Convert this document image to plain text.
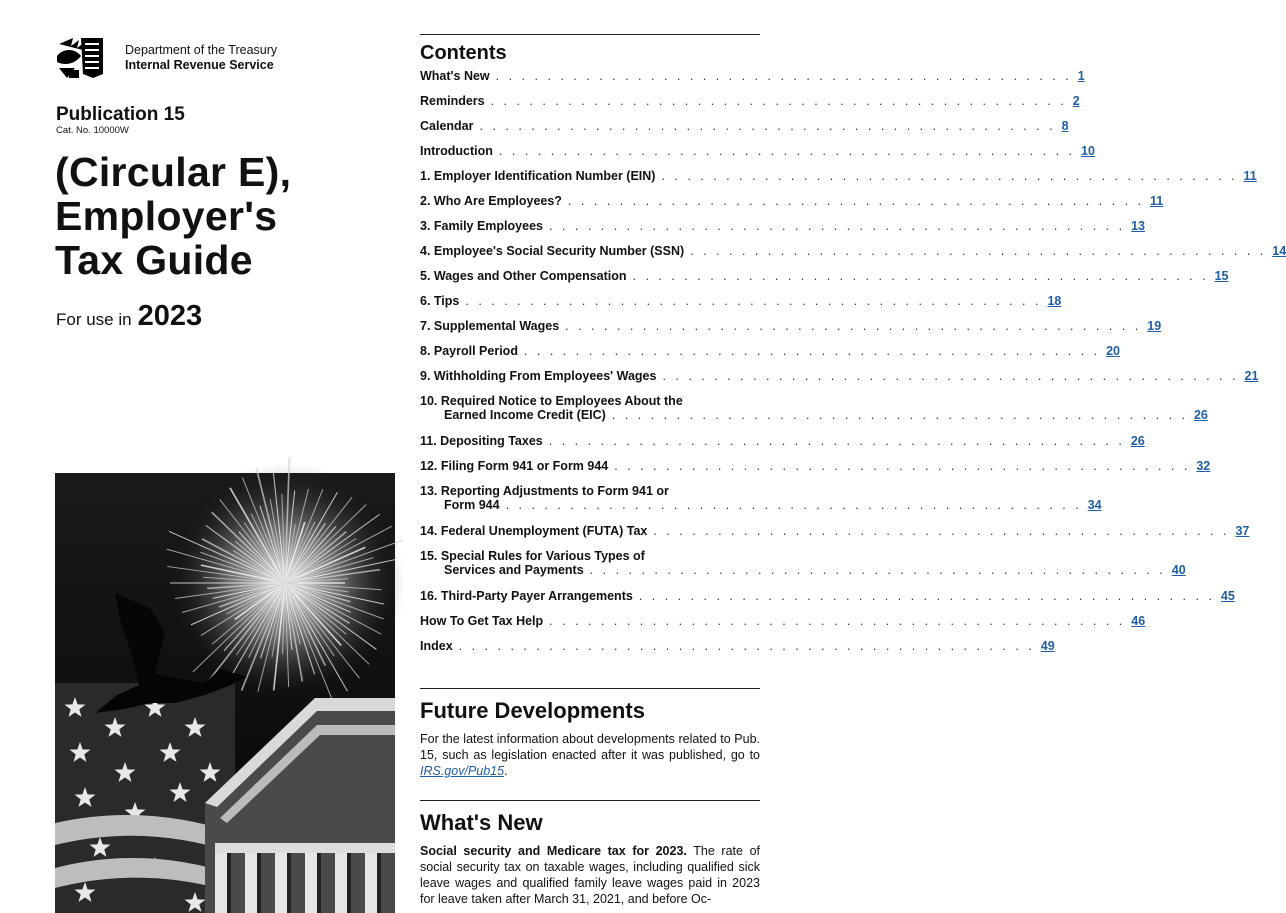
Department of the Treasury
Internal Revenue Service
Publication 15
Cat. No. 10000W
(Circular E),
Employer's
Tax Guide
For use in 2023
Contents
What's New . . . . . . . . . . . . . . . . . . . . . . . . . . . . . . . . . . . . . . . . . . . . . 1
Reminders . . . . . . . . . . . . . . . . . . . . . . . . . . . . . . . . . . . . . . . . . . . . . 2
Calendar . . . . . . . . . . . . . . . . . . . . . . . . . . . . . . . . . . . . . . . . . . . . . 8
Introduction . . . . . . . . . . . . . . . . . . . . . . . . . . . . . . . . . . . . . . . . . . . . . 10
1. Employer Identification Number (EIN) . . . . . . . . . . . . . . . . . . . . . . . . . . . . . . . . . . . . . . . . . . . . . 11
2. Who Are Employees? . . . . . . . . . . . . . . . . . . . . . . . . . . . . . . . . . . . . . . . . . . . . . 11
3. Family Employees . . . . . . . . . . . . . . . . . . . . . . . . . . . . . . . . . . . . . . . . . . . . . 13
4. Employee's Social Security Number (SSN) . . . . . . . . . . . . . . . . . . . . . . . . . . . . . . . . . . . . . . . . . . . . . 14
5. Wages and Other Compensation . . . . . . . . . . . . . . . . . . . . . . . . . . . . . . . . . . . . . . . . . . . . . 15
6. Tips . . . . . . . . . . . . . . . . . . . . . . . . . . . . . . . . . . . . . . . . . . . . . 18
7. Supplemental Wages . . . . . . . . . . . . . . . . . . . . . . . . . . . . . . . . . . . . . . . . . . . . . 19
8. Payroll Period . . . . . . . . . . . . . . . . . . . . . . . . . . . . . . . . . . . . . . . . . . . . . 20
9. Withholding From Employees' Wages . . . . . . . . . . . . . . . . . . . . . . . . . . . . . . . . . . . . . . . . . . . . . 21
10. Required Notice to Employees About the
Earned Income Credit (EIC) . . . . . . . . . . . . . . . . . . . . . . . . . . . . . . . . . . . . . . . . . . . . . 26
11. Depositing Taxes . . . . . . . . . . . . . . . . . . . . . . . . . . . . . . . . . . . . . . . . . . . . . 26
12. Filing Form 941 or Form 944 . . . . . . . . . . . . . . . . . . . . . . . . . . . . . . . . . . . . . . . . . . . . . 32
13. Reporting Adjustments to Form 941 or
Form 944 . . . . . . . . . . . . . . . . . . . . . . . . . . . . . . . . . . . . . . . . . . . . . 34
14. Federal Unemployment (FUTA) Tax . . . . . . . . . . . . . . . . . . . . . . . . . . . . . . . . . . . . . . . . . . . . . 37
15. Special Rules for Various Types of
Services and Payments . . . . . . . . . . . . . . . . . . . . . . . . . . . . . . . . . . . . . . . . . . . . . 40
16. Third-Party Payer Arrangements . . . . . . . . . . . . . . . . . . . . . . . . . . . . . . . . . . . . . . . . . . . . . 45
How To Get Tax Help . . . . . . . . . . . . . . . . . . . . . . . . . . . . . . . . . . . . . . . . . . . . . 46
Index . . . . . . . . . . . . . . . . . . . . . . . . . . . . . . . . . . . . . . . . . . . . . 49
Future Developments
For the latest information about developments related to Pub. 15, such as legislation enacted after it was published, go to IRS.gov/Pub15.
What's New
Social security and Medicare tax for 2023. The rate of social security tax on taxable wages, including qualified sick leave wages and qualified family leave wages paid in 2023 for leave taken after March 31, 2021, and before Oc-
